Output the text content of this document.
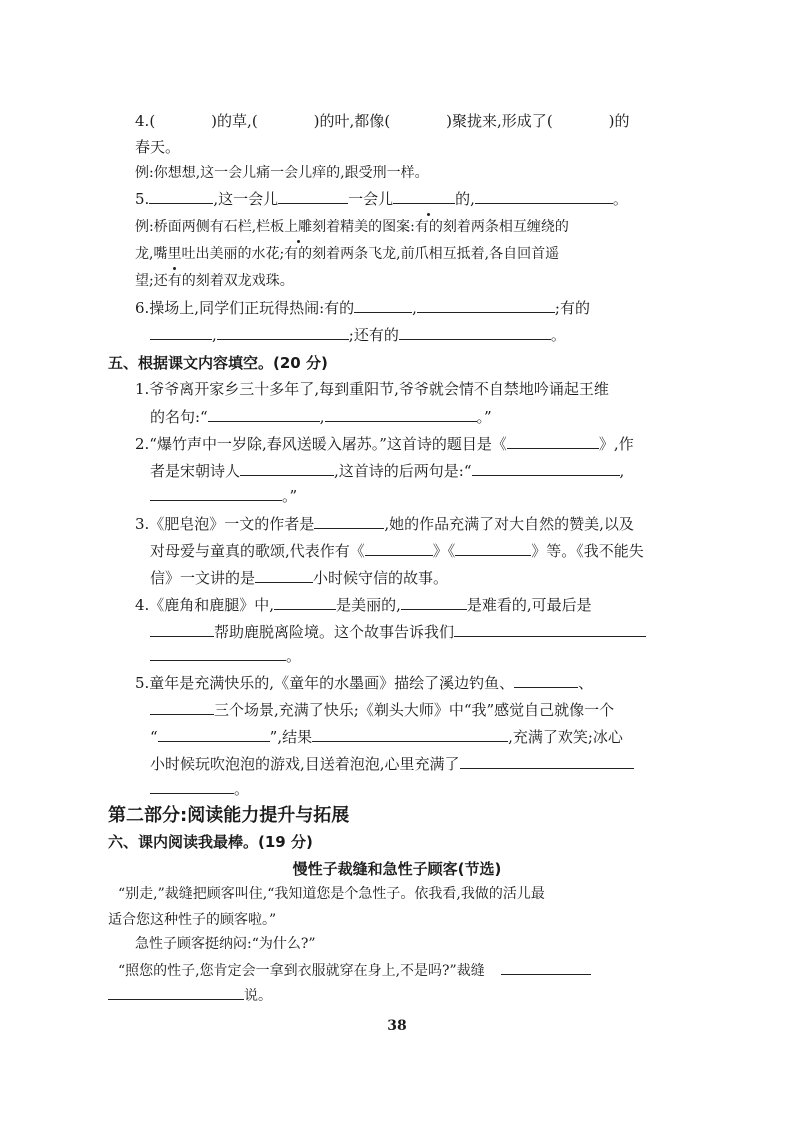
4.(	)的草,(	)的叶,都像(	)聚拢来,形成了(	)的
春天。
例:你想想,这一会儿痛一会儿痒的,跟受刑一样。
5.	,这一会儿	一会儿	的,	。
例:桥面两侧有石栏,栏板上雕刻着精美的图案:有的刻着两条相互缠绕的
龙,嘴里吐出美丽的水花;有的刻着两条飞龙,前爪相互抵着,各自回首遥
望;还有的刻着双龙戏珠。
6.操场上,同学们正玩得热闹:有的	,	;有的
,	;还有的	。
五、根据课文内容填空。(20 分)
1.爷爷离开家乡三十多年了,每到重阳节,爷爷就会情不自禁地吟诵起王维
的名句:“	,	。”
2.“爆竹声中一岁除,春风送暖入屠苏。”这首诗的题目是《	》,作
者是宋朝诗人	,这首诗的后两句是:“	,
。”
3.《肥皂泡》一文的作者是	,她的作品充满了对大自然的赞美,以及
对母爱与童真的歌颂,代表作有《	》《	》等。《我不能失
信》一文讲的是	小时候守信的故事。
4.《鹿角和鹿腿》中,	是美丽的,	是难看的,可最后是
帮助鹿脱离险境。这个故事告诉我们
。
5.童年是充满快乐的,《童年的水墨画》描绘了溪边钓鱼、	、
三个场景,充满了快乐;《剃头大师》中“我”感觉自己就像一个
“	”,结果	,充满了欢笑;冰心
小时候玩吹泡泡的游戏,目送着泡泡,心里充满了
。
第二部分:阅读能力提升与拓展
六、课内阅读我最棒。(19 分)
慢性子裁缝和急性子顾客(节选)
“别走,”裁缝把顾客叫住,“我知道您是个急性子。依我看,我做的活儿最
适合您这种性子的顾客啦。”
急性子顾客挺纳闷:“为什么?”
“照您的性子,您肯定会一拿到衣服就穿在身上,不是吗?”裁缝
说。
38
